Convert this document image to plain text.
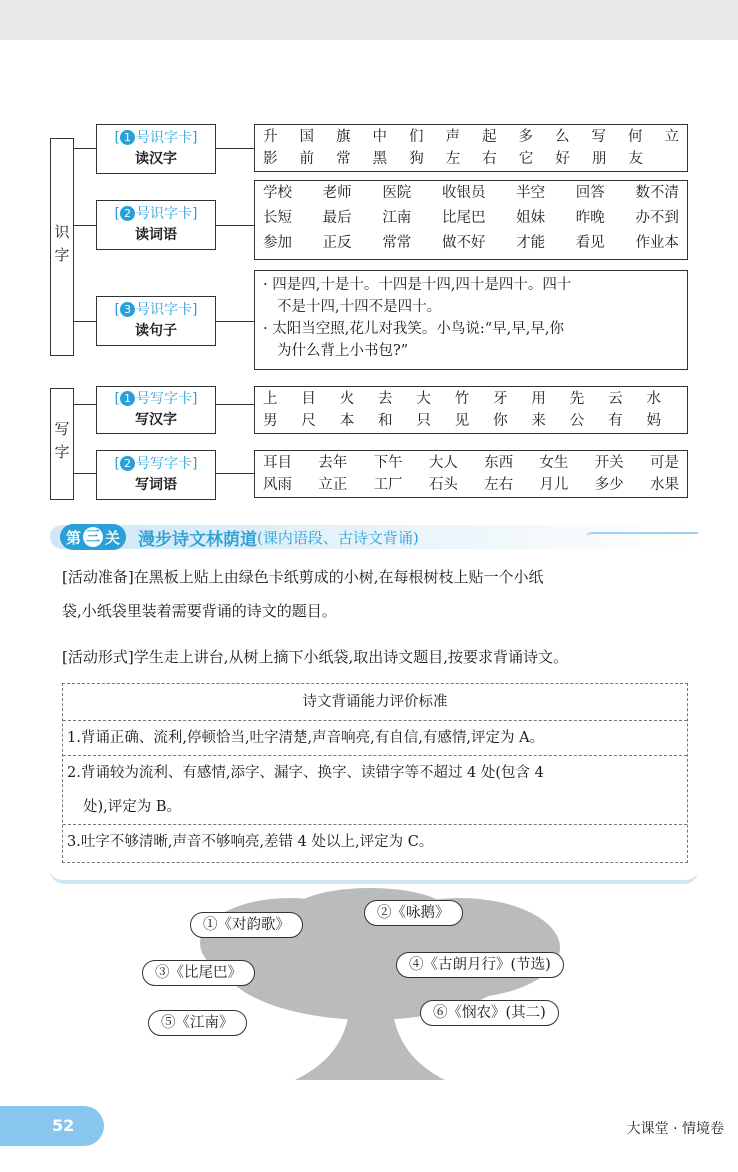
识字
[ 1 号识字卡]
读汉字
升 国 旗 中 们 声 起 多 么 写 何 立
影 前 常 黑 狗 左 右 它 好 朋 友
[ 2 号识字卡]
读词语
学校 老师 医院 收银员 半空 回答 数不清
长短 最后 江南 比尾巴 姐妹 昨晚 办不到
参加 正反 常常 做不好 才能 看见 作业本
[ 3 号识字卡]
读句子
· 四是四,十是十。十四是十四,四十是四十。四十
不是十四,十四不是四十。
· 太阳当空照,花儿对我笑。小鸟说:“早,早,早,你
为什么背上小书包?”
写字
[ 1 号写字卡]
写汉字
上 目 火 去 大 竹 牙 用 先 云 水
男 尺 本 和 只 见 你 来 公 有 妈
[ 2 号写字卡]
写词语
耳目 去年 下午 大人 东西 女生 开关 可是
风雨 立正 工厂 石头 左右 月儿 多少 水果
第 三 关 漫步诗文林荫道 (课内语段、古诗文背诵)
[活动准备]在黑板上贴上由绿色卡纸剪成的小树,在每根树枝上贴一个小纸
袋,小纸袋里装着需要背诵的诗文的题目。
[活动形式]学生走上讲台,从树上摘下小纸袋,取出诗文题目,按要求背诵诗文。
诗文背诵能力评价标准
1.背诵正确、流利,停顿恰当,吐字清楚,声音响亮,有自信,有感情,评定为 A。
2.背诵较为流利、有感情,添字、漏字、换字、读错字等不超过 4 处(包含 4
处),评定为 B。
3.吐字不够清晰,声音不够响亮,差错 4 处以上,评定为 C。
①《对韵歌》
②《咏鹅》
③《比尾巴》	④《古朗月行》(节选)
⑤《江南》
⑥《悯农》(其二)
52	大课堂 · 情境卷
